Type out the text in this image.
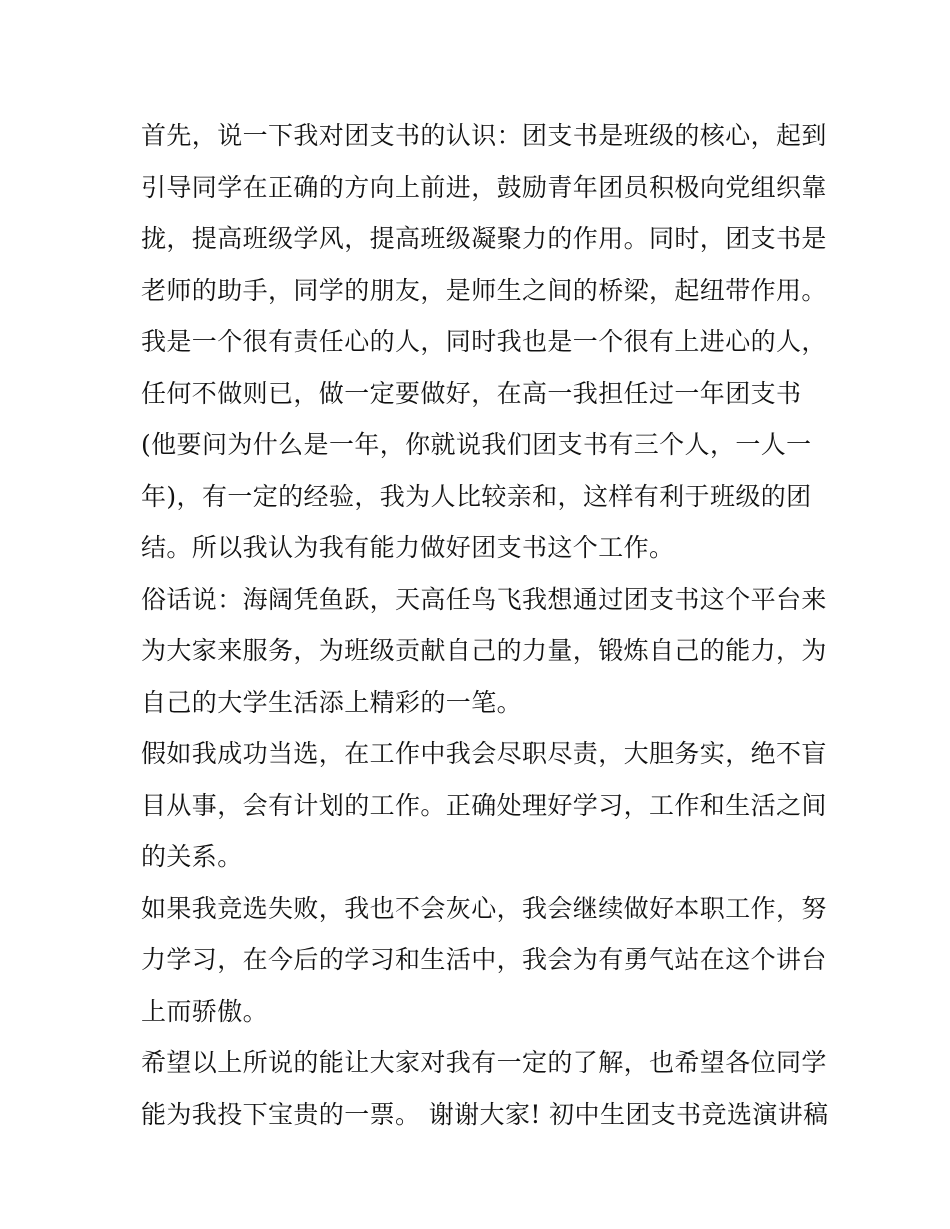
首先，说一下我对团支书的认识：团支书是班级的核心，起到
引导同学在正确的方向上前进，鼓励青年团员积极向党组织靠
拢，提高班级学风，提高班级凝聚力的作用。同时，团支书是
老师的助手，同学的朋友，是师生之间的桥梁，起纽带作用。
我是一个很有责任心的人，同时我也是一个很有上进心的人，
任何不做则已，做一定要做好，在高一我担任过一年团支书
(他要问为什么是一年，你就说我们团支书有三个人，一人一
年)，有一定的经验，我为人比较亲和，这样有利于班级的团
结。所以我认为我有能力做好团支书这个工作。
俗话说：海阔凭鱼跃，天高任鸟飞我想通过团支书这个平台来
为大家来服务，为班级贡献自己的力量，锻炼自己的能力，为
自己的大学生活添上精彩的一笔。
假如我成功当选，在工作中我会尽职尽责，大胆务实，绝不盲
目从事，会有计划的工作。正确处理好学习，工作和生活之间
的关系。
如果我竞选失败，我也不会灰心，我会继续做好本职工作，努
力学习，在今后的学习和生活中，我会为有勇气站在这个讲台
上而骄傲。
希望以上所说的能让大家对我有一定的了解，也希望各位同学
能为我投下宝贵的一票。 谢谢大家! 初中生团支书竞选演讲稿
